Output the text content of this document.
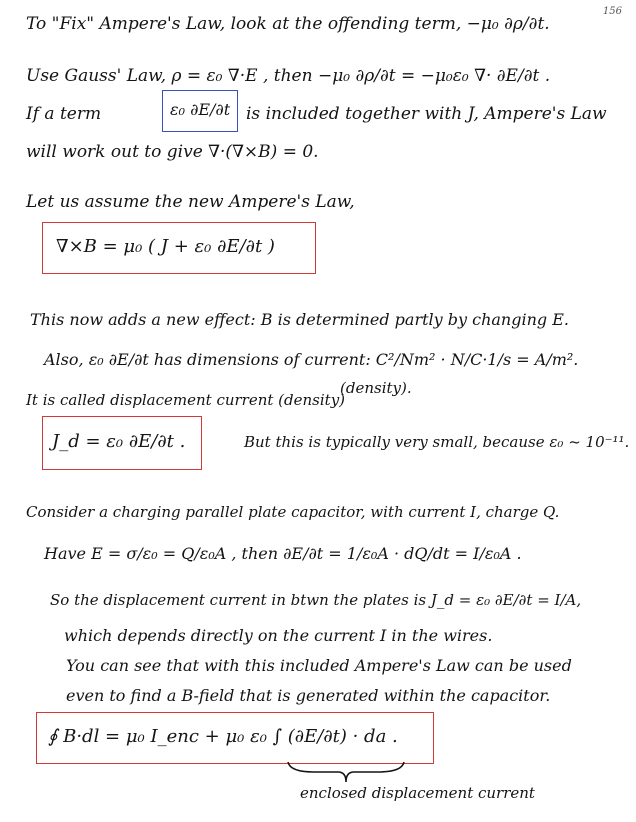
156
To "Fix" Ampere's Law, look at the offending term, −μ₀ ∂ρ/∂t.
Use Gauss' Law, ρ = ε₀ ∇·E , then −μ₀ ∂ρ/∂t = −μ₀ε₀ ∇· ∂E/∂t .
If a term	ε₀ ∂E/∂t is included together with J, Ampere's Law
will work out to give ∇·(∇×B) = 0.
Let us assume the new Ampere's Law,
∇×B = μ₀ ( J + ε₀ ∂E/∂t )
This now adds a new effect: B is determined partly by changing E.
Also, ε₀ ∂E/∂t has dimensions of current: C²/Nm² · N/C·1/s = A/m².
It is called displacement current (density)
(density).
J_d = ε₀ ∂E/∂t .	But this is typically very small, because ε₀ ~ 10⁻¹¹.
Consider a charging parallel plate capacitor, with current I, charge Q.
Have E = σ/ε₀ = Q/ε₀A , then ∂E/∂t = 1/ε₀A · dQ/dt = I/ε₀A .
So the displacement current in btwn the plates is J_d = ε₀ ∂E/∂t = I/A,
which depends directly on the current I in the wires.
You can see that with this included Ampere's Law can be used
even to find a B-field that is generated within the capacitor.
∮ B·dl = μ₀ I_enc + μ₀ ε₀ ∫ (∂E/∂t) · da .
enclosed displacement current
